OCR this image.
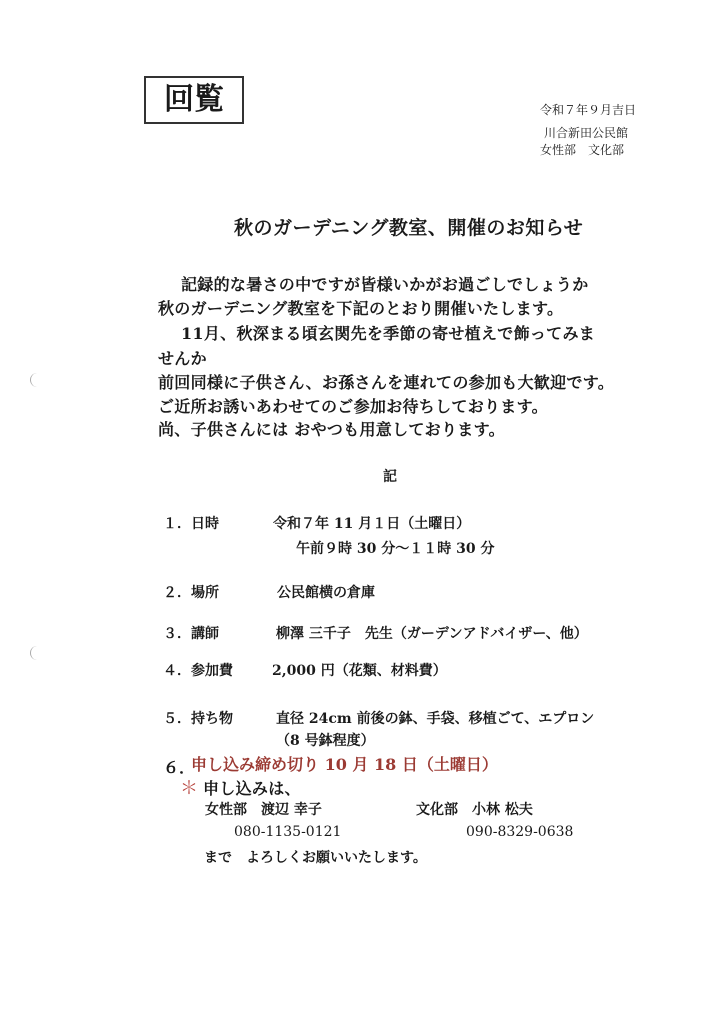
回覧	令和７年９月吉日
川合新田公民館
女性部　文化部
秋のガーデニング教室、開催のお知らせ
記録的な暑さの中ですが皆様いかがお過ごしでしょうか
秋のガーデニング教室を下記のとおり開催いたします。
11月、秋深まる頃玄関先を季節の寄せ植えで飾ってみま
せんか
前回同様に子供さん、お孫さんを連れての参加も大歓迎です。
ご近所お誘いあわせてのご参加お待ちしております。
尚、子供さんには おやつも用意しております。
記
１． 日時	令和７年 11 月１日（土曜日）
午前９時 30 分～１１時 30 分
２． 場所	公民館横の倉庫
３． 講師	柳澤 三千子　先生（ガーデンアドバイザー、他）
４． 参加費	2,000 円（花類、材料費）
５． 持ち物	直径 24cm 前後の鉢、手袋、移植ごて、エプロン
（8 号鉢程度）
６．
申し込み締め切り 10 月 18 日（土曜日）
＊ 申し込みは、
女性部　渡辺 幸子	文化部　小林 松夫
080-1135-0121	090-8329-0638
まで　よろしくお願いいたします。
